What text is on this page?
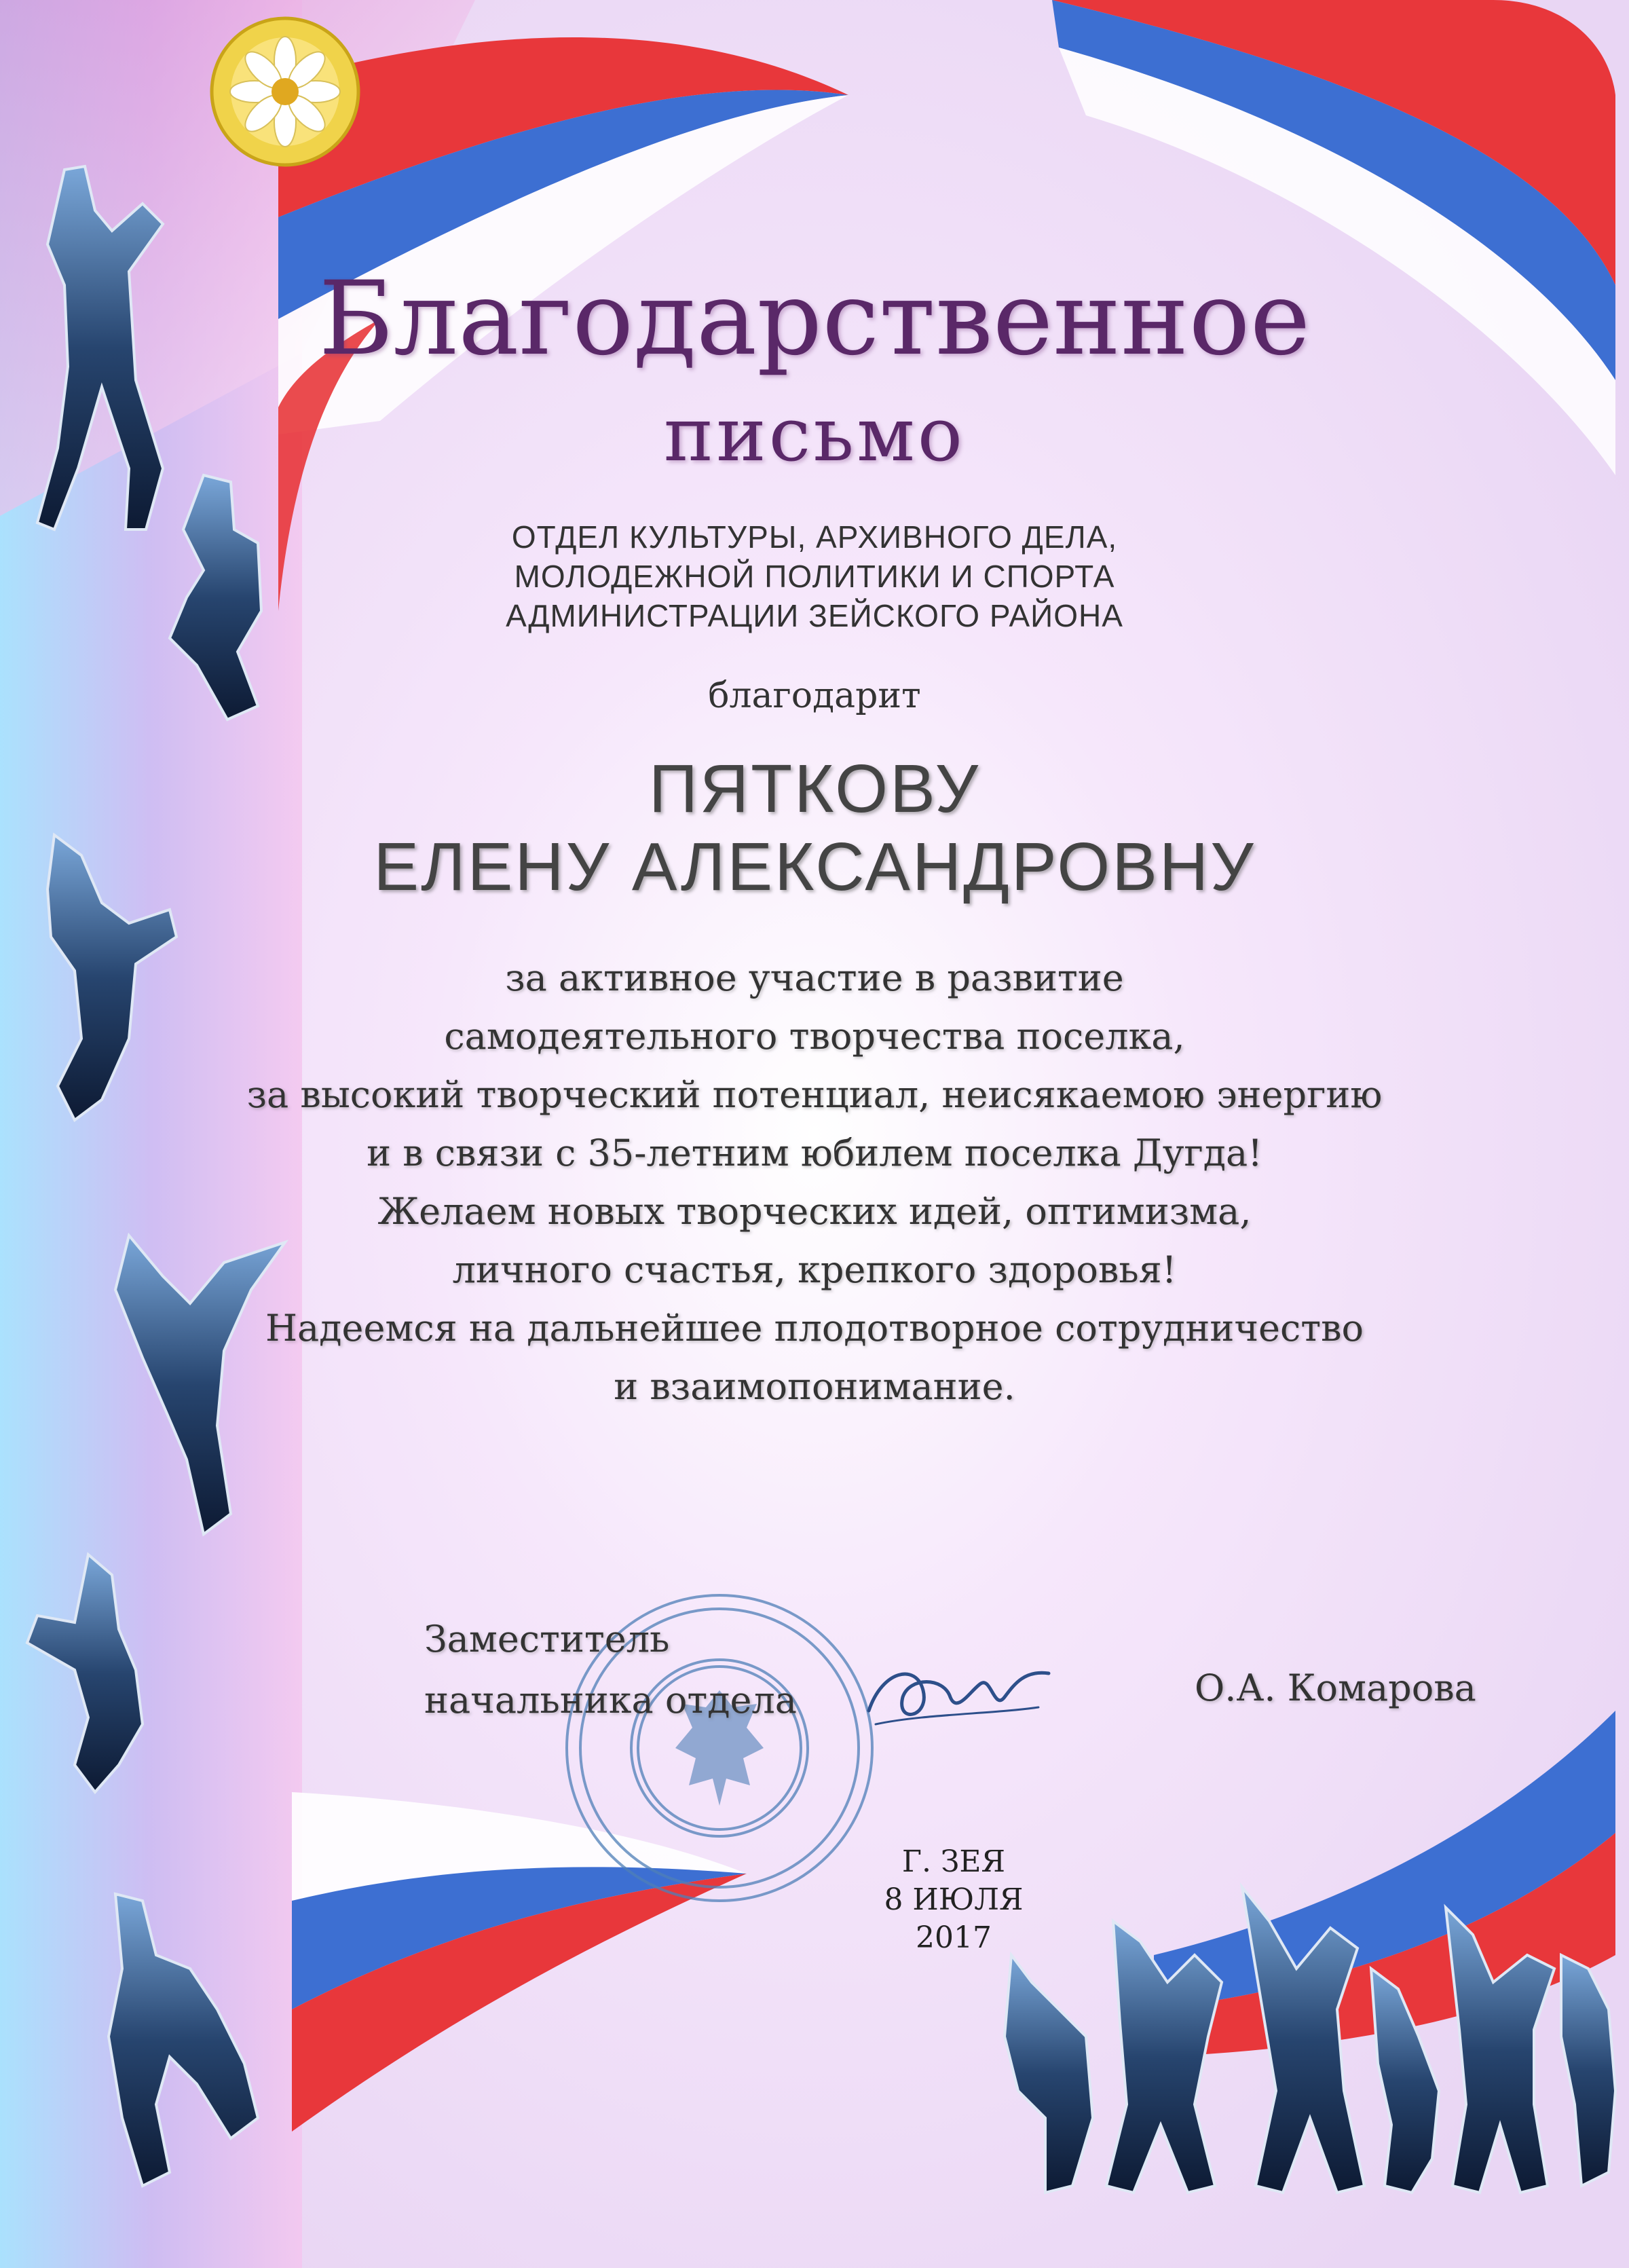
Благодарственное
письмо
ОТДЕЛ КУЛЬТУРЫ, АРХИВНОГО ДЕЛА,
МОЛОДЕЖНОЙ ПОЛИТИКИ И СПОРТА
АДМИНИСТРАЦИИ ЗЕЙСКОГО РАЙОНА
благодарит
ПЯТКОВУ
ЕЛЕНУ АЛЕКСАНДРОВНУ
за активное участие в развитие
самодеятельного творчества поселка,
за высокий творческий потенциал, неисякаемою энергию
и в связи с 35-летним юбилем поселка Дугда!
Желаем новых творческих идей, оптимизма,
личного счастья, крепкого здоровья!
Надеемся на дальнейшее плодотворное сотрудничество
и взаимопонимание.
Заместитель
начальника отдела	О.А. Комарова
Г. ЗЕЯ
8 ИЮЛЯ 2017
